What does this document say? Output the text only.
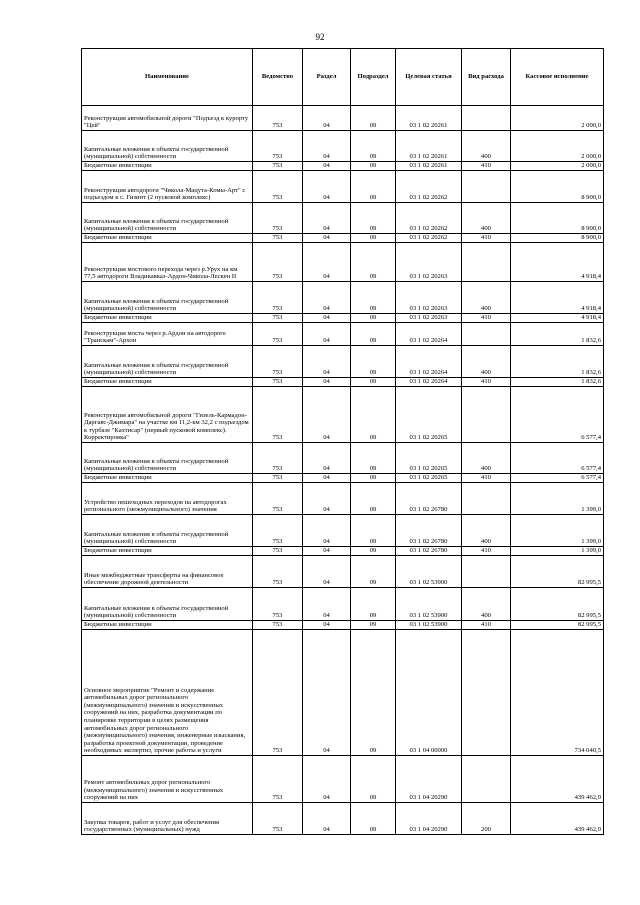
92
Наименование	Ведомство	Раздел	Подраздел	Целевая статья	Вид расхода	Кассовое исполнение
Реконструкция автомобильной дороги "Подъезд к курорту "Цей"	753	04	09	03 1 02 20261		2 000,0
Капитальные вложения в объекты государственной (муниципальной) собственности	753	04	09	03 1 02 20261	400	2 000,0
Бюджетные инвестиции	753	04	09	03 1 02 20261	410	2 000,0
Реконструкция автодороги "Чикола-Мацута-Комы-Арт" с подъездом к с. Гизинт (2 пусковой комплекс)	753	04	09	03 1 02 20262		8 900,0
Капитальные вложения в объекты государственной (муниципальной) собственности	753	04	09	03 1 02 20262	400	8 900,0
Бюджетные инвестиции	753	04	09	03 1 02 20262	410	8 900,0
Реконструкция мостового перехода через р.Урух на км 77,5 автодороги Владикавказ-Ардон-Чикола-Лескен II	753	04	09	03 1 02 20263		4 918,4
Капитальные вложения в объекты государственной (муниципальной) собственности	753	04	09	03 1 02 20263	400	4 918,4
Бюджетные инвестиции	753	04	09	03 1 02 20263	410	4 918,4
Реконструкция моста через р.Ардон на автодороге "Транскам"-Архон	753	04	09	03 1 02 20264		1 832,6
Капитальные вложения в объекты государственной (муниципальной) собственности	753	04	09	03 1 02 20264	400	1 832,6
Бюджетные инвестиции	753	04	09	03 1 02 20264	410	1 832,6
Реконструкция автомобильной дороги "Гизель-Кармадон-Даргавс-Джимара" на участке км 11,2-км 32,2 с подъездом к турбазе "Кахтисар" (первый пусковой комплекс). Корректировка"	753	04	09	03 1 02 20265		6 577,4
Капитальные вложения в объекты государственной (муниципальной) собственности	753	04	09	03 1 02 20265	400	6 577,4
Бюджетные инвестиции	753	04	09	03 1 02 20265	410	6 577,4
Устройство пешеходных переходов на автодорогах регионального (межмуниципального) значения	753	04	09	03 1 02 26780		1 399,0
Капитальные вложения в объекты государственной (муниципальной) собственности	753	04	09	03 1 02 26780	400	1 399,0
Бюджетные инвестиции	753	04	09	03 1 02 26780	410	1 399,0
Иные межбюджетные трансферты на финансовое обеспечение дорожной деятельности	753	04	09	03 1 02 53900		82 995,5
Капитальные вложения в объекты государственной (муниципальной) собственности	753	04	09	03 1 02 53900	400	82 995,5
Бюджетные инвестиции	753	04	09	03 1 02 53900	410	82 995,5
Основное мероприятие "Ремонт и содержание автомобильных дорог регионального (межмуниципального) значения и искусственных сооружений на них, разработка документации по планировке территории в целях размещения автомобильных дорог регионального (межмуниципального) значения, инженерные изыскания, разработка проектной документации, проведение необходимых экспертиз, прочие работы и услуги	753	04	09	03 1 04 00000		734 040,5
Ремонт автомобильных дорог регионального (межмуниципального) значения и искусственных сооружений на них	753	04	09	03 1 04 20290		439 462,9
Закупка товаров, работ и услуг для обеспечения государственных (муниципальных) нужд	753	04	09	03 1 04 20290	200	439 462,9
